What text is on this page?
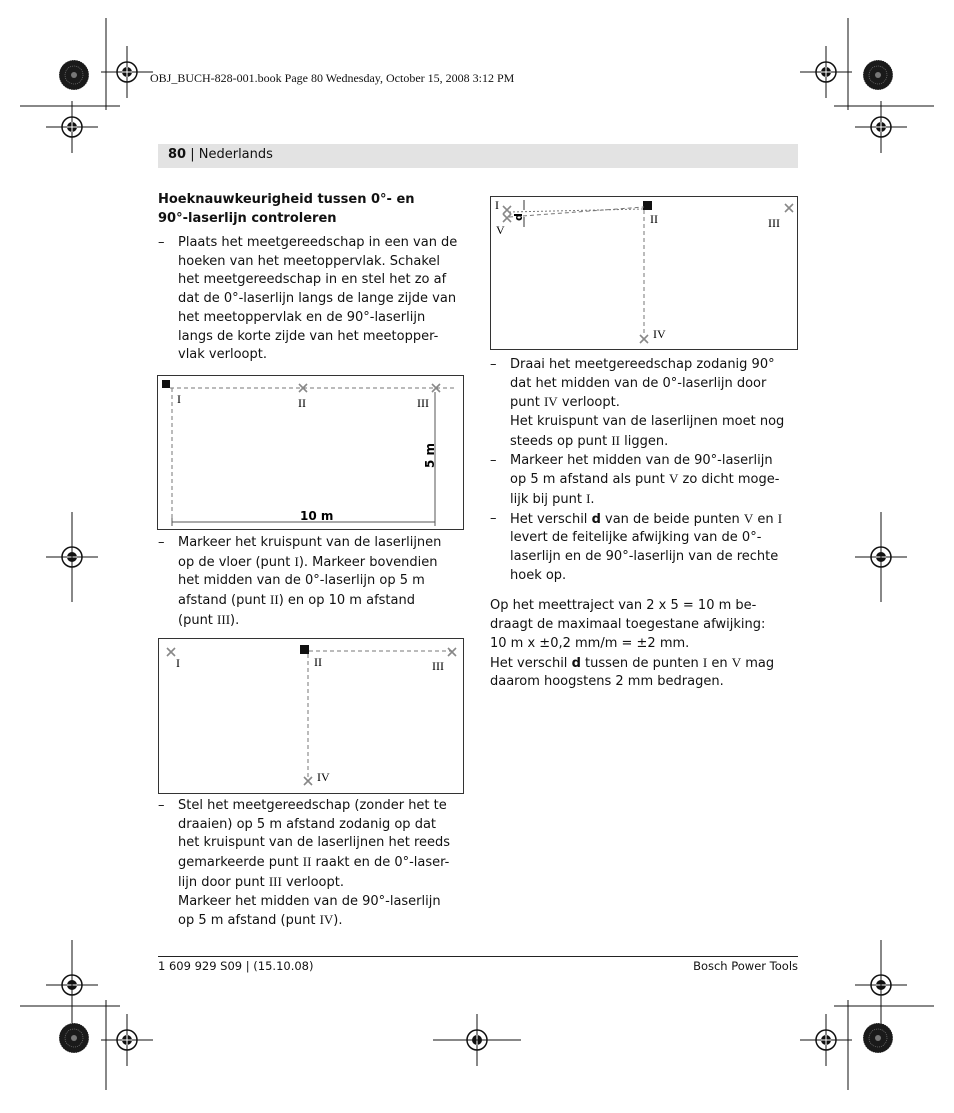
OBJ_BUCH-828-001.book Page 80 Wednesday, October 15, 2008 3:12 PM
80 | Nederlands
Hoeknauwkeurigheid tussen 0°- en
90°-laserlijn controleren
– Plaats het meetgereedschap in een van de
hoeken van het meetoppervlak. Schakel
het meetgereedschap in en stel het zo af
dat de 0°-laserlijn langs de lange zijde van
het meetoppervlak en de 90°-laserlijn
langs de korte zijde van het meetopper-
vlak verloopt.
I	II	III
10 m
5 m
– Markeer het kruispunt van de laserlijnen
op de vloer (punt I). Markeer bovendien
het midden van de 0°-laserlijn op 5 m
afstand (punt II) en op 10 m afstand
(punt III).
I	II	III
IV
– Stel het meetgereedschap (zonder het te
draaien) op 5 m afstand zodanig op dat
het kruispunt van de laserlijnen het reeds
gemarkeerde punt II raakt en de 0°-laser-
lijn door punt III verloopt.
Markeer het midden van de 90°-laserlijn
op 5 m afstand (punt IV).
d
I
V
II	III
IV
– Draai het meetgereedschap zodanig 90°
dat het midden van de 0°-laserlijn door
punt IV verloopt.
Het kruispunt van de laserlijnen moet nog
steeds op punt II liggen.
– Markeer het midden van de 90°-laserlijn
op 5 m afstand als punt V zo dicht moge-
lijk bij punt I.
– Het verschil d van de beide punten V en I
levert de feitelijke afwijking van de 0°-
laserlijn en de 90°-laserlijn van de rechte
hoek op.
Op het meettraject van 2 x 5 = 10 m be-
draagt de maximaal toegestane afwijking:
10 m x ±0,2 mm/m = ±2 mm.
Het verschil d tussen de punten I en V mag
daarom hoogstens 2 mm bedragen.
1 609 929 S09 | (15.10.08)	Bosch Power Tools
